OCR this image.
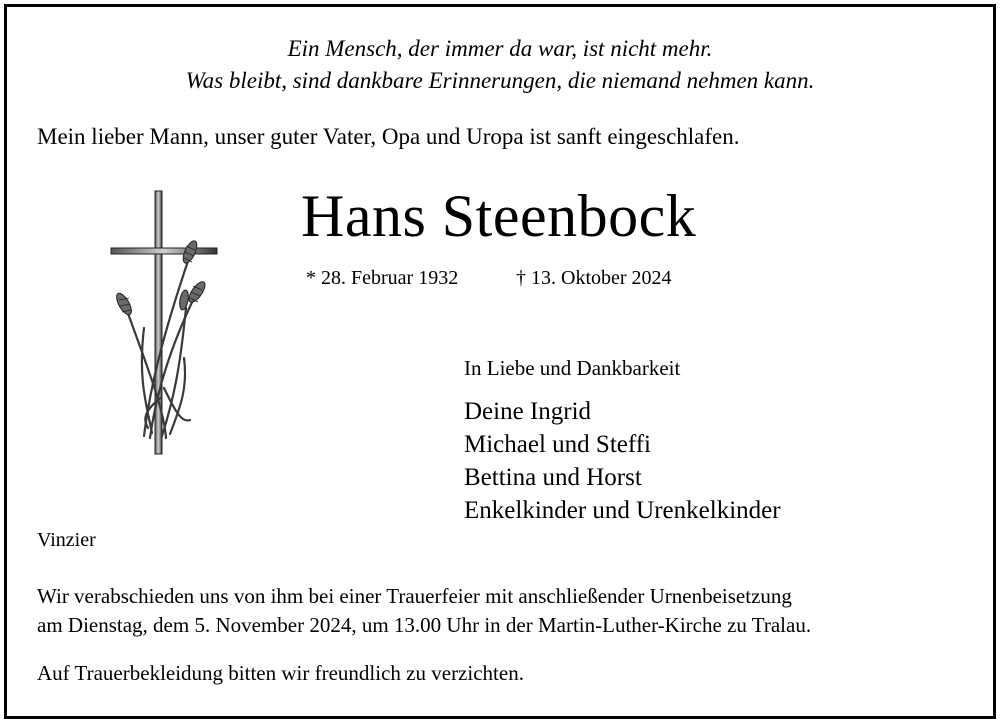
Ein Mensch, der immer da war, ist nicht mehr.
Was bleibt, sind dankbare Erinnerungen, die niemand nehmen kann.
Mein lieber Mann, unser guter Vater, Opa und Uropa ist sanft eingeschlafen.
Hans Steenbock
* 28. Februar 1932	† 13. Oktober 2024
In Liebe und Dankbarkeit
Deine Ingrid
Michael und Steffi
Bettina und Horst
Enkelkinder und Urenkelkinder
Vinzier
Wir verabschieden uns von ihm bei einer Trauerfeier mit anschließender Urnenbeisetzung
am Dienstag, dem 5. November 2024, um 13.00 Uhr in der Martin-Luther-Kirche zu Tralau.
Auf Trauerbekleidung bitten wir freundlich zu verzichten.
